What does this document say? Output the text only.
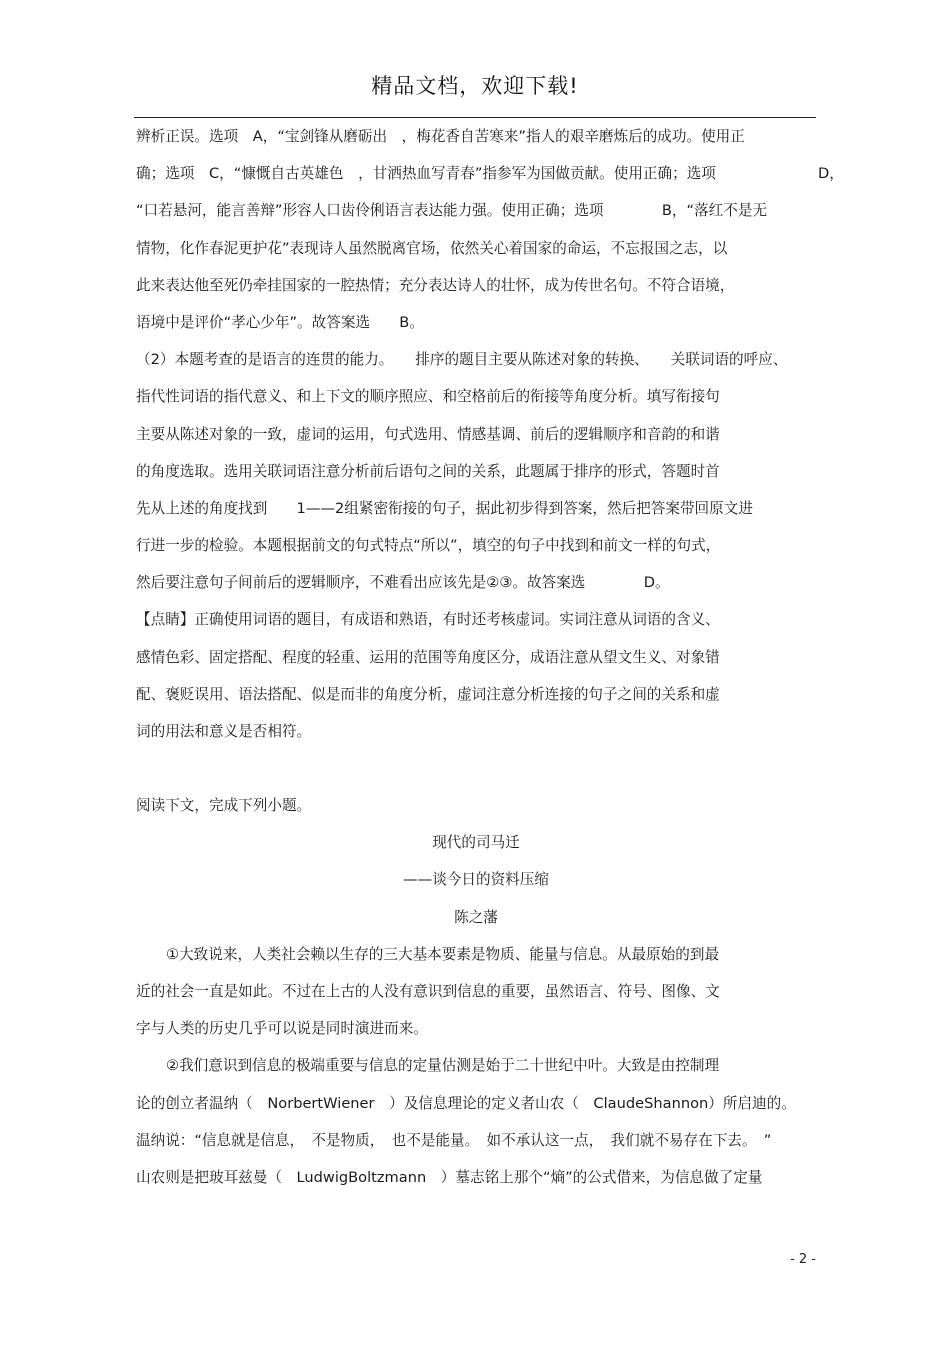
精品文档，欢迎下载!
辨析正误。选项　A，“宝剑锋从磨砺出　，梅花香自苦寒来”指人的艰辛磨炼后的成功。使用正
确；选项　C，“慷慨自古英雄色　，甘洒热血写青春”指参军为国做贡献。使用正确；选项　　　　　　　D，
“口若悬河，能言善辩”形容人口齿伶俐语言表达能力强。使用正确；选项　　　　B，“落红不是无
情物，化作春泥更护花”表现诗人虽然脱离官场，依然关心着国家的命运，不忘报国之志，以
此来表达他至死仍牵挂国家的一腔热情；充分表达诗人的壮怀，成为传世名句。不符合语境，
语境中是评价“孝心少年”。故答案选　　B。
（2）本题考查的是语言的连贯的能力。　　排序的题目主要从陈述对象的转换、　　关联词语的呼应、
指代性词语的指代意义、和上下文的顺序照应、和空格前后的衔接等角度分析。填写衔接句
主要从陈述对象的一致，虚词的运用，句式选用、情感基调、前后的逻辑顺序和音韵的和谐
的角度选取。选用关联词语注意分析前后语句之间的关系，此题属于排序的形式，答题时首
先从上述的角度找到　　1——2组紧密衔接的句子，据此初步得到答案，然后把答案带回原文进
行进一步的检验。本题根据前文的句式特点“所以”，填空的句子中找到和前文一样的句式，
然后要注意句子间前后的逻辑顺序，不难看出应该先是②③。故答案选　　　　D。
【点睛】正确使用词语的题目，有成语和熟语，有时还考核虚词。实词注意从词语的含义、
感情色彩、固定搭配、程度的轻重、运用的范围等角度区分，成语注意从望文生义、对象错
配、褒贬误用、语法搭配、似是而非的角度分析，虚词注意分析连接的句子之间的关系和虚
词的用法和意义是否相符。
阅读下文，完成下列小题。
现代的司马迁
——谈今日的资料压缩
陈之藩
①大致说来，人类社会赖以生存的三大基本要素是物质、能量与信息。从最原始的到最
近的社会一直是如此。不过在上古的人没有意识到信息的重要，虽然语言、符号、图像、文
字与人类的历史几乎可以说是同时演进而来。
②我们意识到信息的极端重要与信息的定量估测是始于二十世纪中叶。大致是由控制理
论的创立者温纳（　NorbertWiener　）及信息理论的定义者山农（　ClaudeShannon）所启迪的。
温纳说：“信息就是信息，　不是物质，　也不是能量。　如不承认这一点，　我们就不易存在下去。　”
山农则是把玻耳兹曼（　LudwigBoltzmann　）墓志铭上那个“熵”的公式借来，为信息做了定量
- 2 -
